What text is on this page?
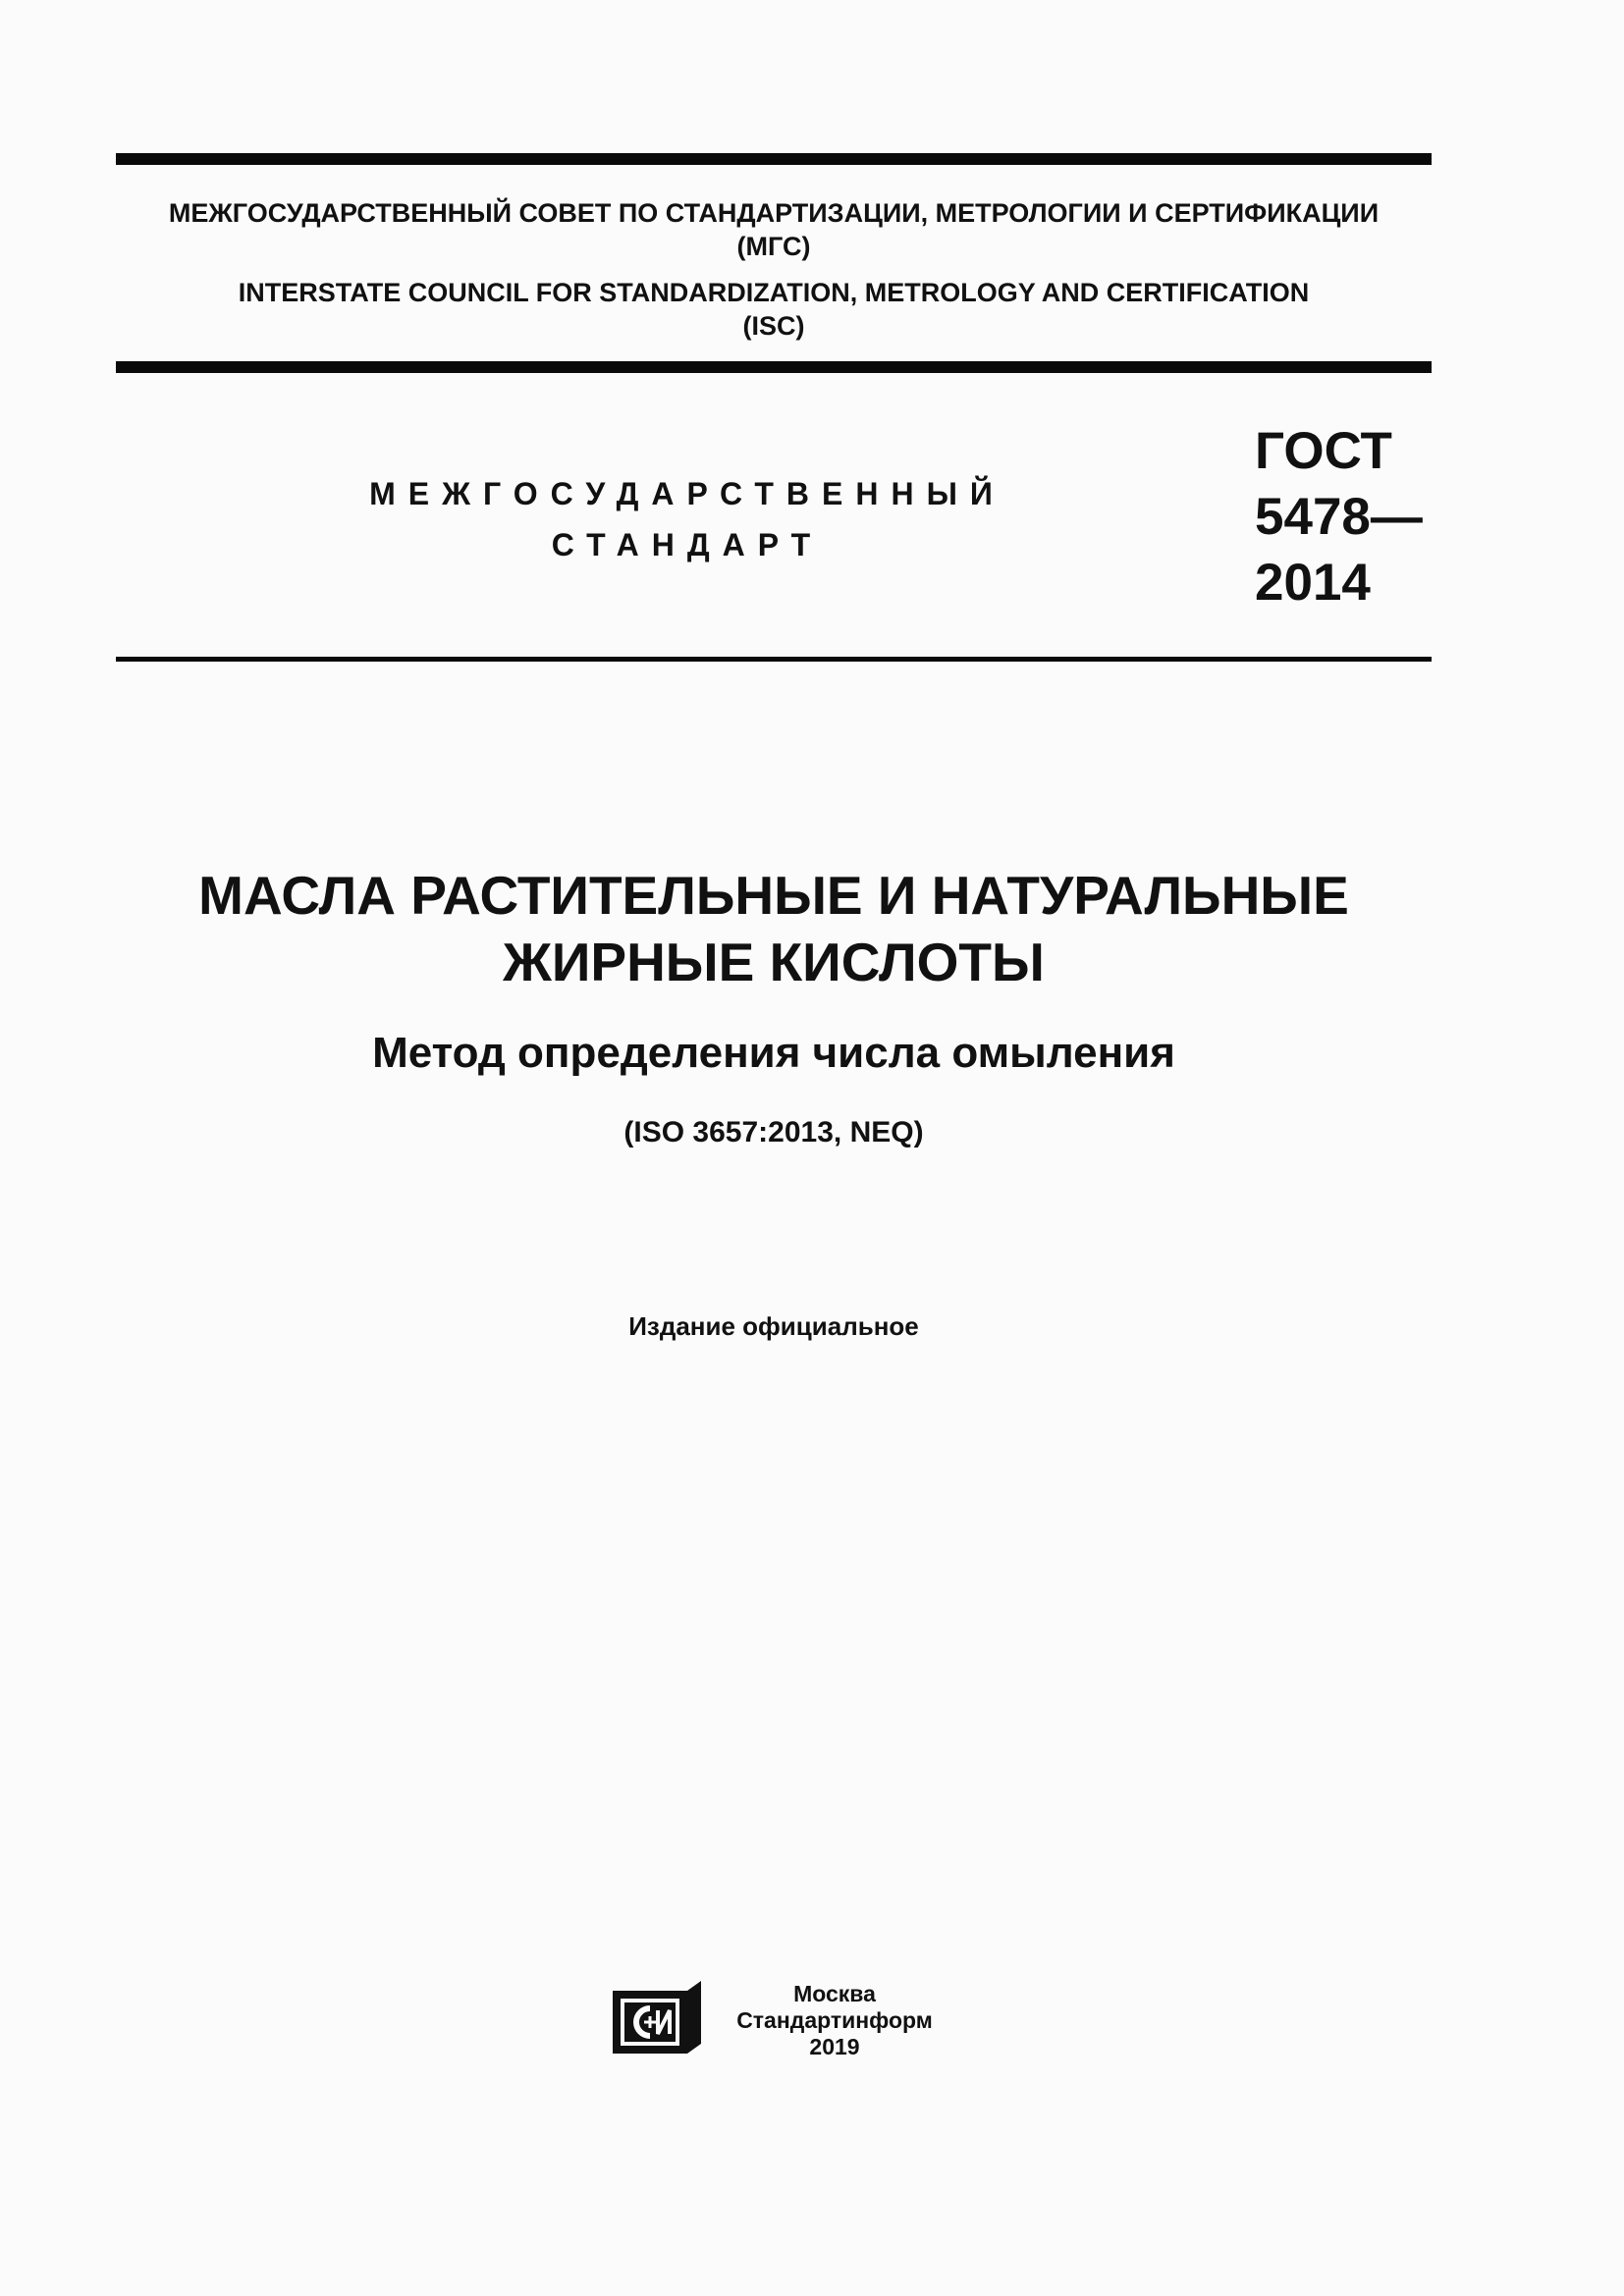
МЕЖГОСУДАРСТВЕННЫЙ СОВЕТ ПО СТАНДАРТИЗАЦИИ, МЕТРОЛОГИИ И СЕРТИФИКАЦИИ
(МГС)
INTERSTATE COUNCIL FOR STANDARDIZATION, METROLOGY AND CERTIFICATION
(ISC)
МЕЖГОСУДАРСТВЕННЫЙ
СТАНДАРТ
ГОСТ
5478—
2014
МАСЛА РАСТИТЕЛЬНЫЕ И НАТУРАЛЬНЫЕ
ЖИРНЫЕ КИСЛОТЫ
Метод определения числа омыления
(ISO 3657:2013, NEQ)
Издание официальное
Москва
Стандартинформ
2019
